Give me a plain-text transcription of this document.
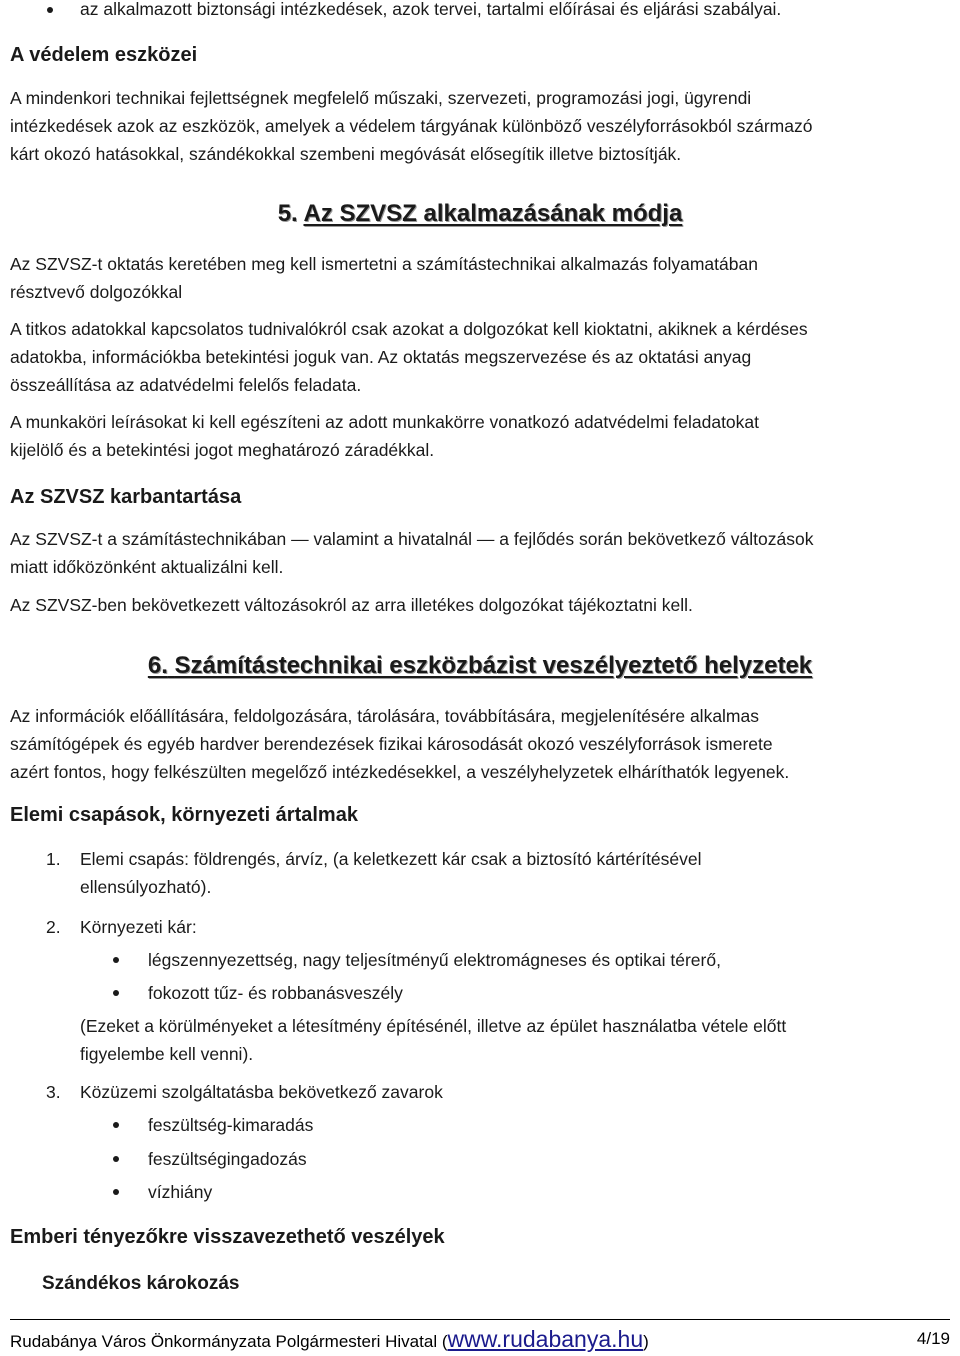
az alkalmazott biztonsági intézkedések, azok tervei, tartalmi előírásai és eljárási szabályai.

A védelem eszközei

A mindenkori technikai fejlettségnek megfelelő műszaki, szervezeti, programozási jogi, ügyrendi

intézkedések azok az eszközök, amelyek a védelem tárgyának különböző veszélyforrásokból származó

kárt okozó hatásokkal, szándékokkal szembeni megóvását elősegítik illetve biztosítják.

5. Az SZVSZ alkalmazásának módja

Az SZVSZ-t oktatás keretében meg kell ismertetni a számítástechnikai alkalmazás folyamatában

résztvevő dolgozókkal

A titkos adatokkal kapcsolatos tudnivalókról csak azokat a dolgozókat kell kioktatni, akiknek a kérdéses

adatokba, információkba betekintési joguk van. Az oktatás megszervezése és az oktatási anyag

összeállítása az adatvédelmi felelős feladata.

A munkaköri leírásokat ki kell egészíteni az adott munkakörre vonatkozó adatvédelmi feladatokat

kijelölő és a betekintési jogot meghatározó záradékkal.

Az SZVSZ karbantartása

Az SZVSZ-t a számítástechnikában — valamint a hivatalnál — a fejlődés során bekövetkező változások

miatt időközönként aktualizálni kell.

Az SZVSZ-ben bekövetkezett változásokról az arra illetékes dolgozókat tájékoztatni kell.

6. Számítástechnikai eszközbázist veszélyeztető helyzetek

Az információk előállítására, feldolgozására, tárolására, továbbítására, megjelenítésére alkalmas

számítógépek és egyéb hardver berendezések fizikai károsodását okozó veszélyforrások ismerete

azért fontos, hogy felkészülten megelőző intézkedésekkel, a veszélyhelyzetek elháríthatók legyenek.

Elemi csapások, környezeti ártalmak
1. Elemi csapás: földrengés, árvíz, (a keletkezett kár csak a biztosító kártérítésével

ellensúlyozható).

2. Környezeti kár:

légszennyezettség, nagy teljesítményű elektromágneses és optikai térerő,

fokozott tűz- és robbanásveszély

(Ezeket a körülményeket a létesítmény építésénél, illetve az épület használatba vétele előtt

figyelembe kell venni).

3. Közüzemi szolgáltatásba bekövetkező zavarok

feszültség-kimaradás

feszültségingadozás

vízhiány

Emberi tényezőkre visszavezethető veszélyek
Szándékos károkozás
Rudabánya Város Önkormányzata Polgármesteri Hivatal (www.rudabanya.hu)	4/19
